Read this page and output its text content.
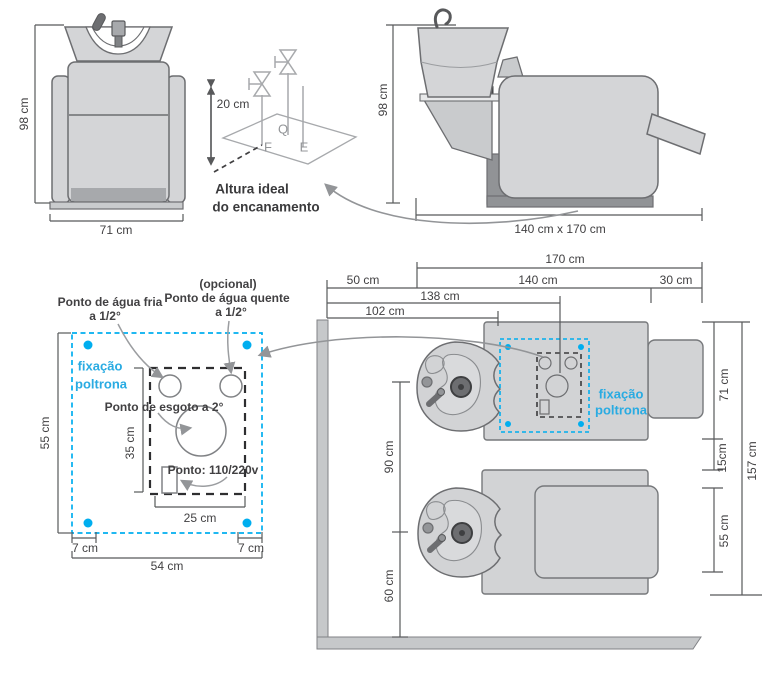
98 cm
71 cm
20 cm
F
Q
E
Altura ideal
do encanamento
98 cm
140 cm x 170 cm
Ponto de água fria
a 1/2°
(opcional)
Ponto de água quente
a 1/2°
fixação
poltrona
Ponto de esgoto a 2°
Ponto: 110/220v
55 cm	35 cm
25 cm
7 cm	7 cm
54 cm
170 cm
50 cm	140 cm	30 cm
138 cm
102 cm
90 cm
60 cm
71 cm
15cm
55 cm
157 cm
fixação
poltrona
